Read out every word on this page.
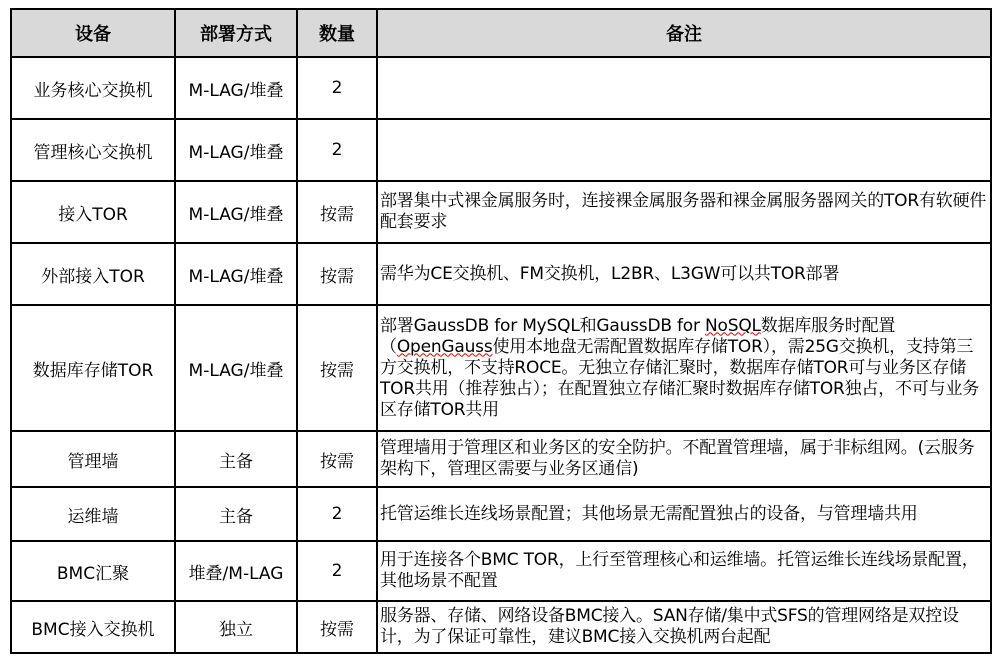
设备	部署方式	数量	备注
业务核心交换机	M-LAG/堆叠	2	
管理核心交换机	M-LAG/堆叠	2	
接入TOR	M-LAG/堆叠	按需	部署集中式裸金属服务时，连接裸金属服务器和裸金属服务器网关的TOR有软硬件配套要求
外部接入TOR	M-LAG/堆叠	按需	需华为CE交换机、FM交换机，L2BR、L3GW可以共TOR部署
数据库存储TOR	M-LAG/堆叠	按需	部署GaussDB for MySQL和GaussDB for NoSQL数据库服务时配置（OpenGauss使用本地盘无需配置数据库存储TOR），需25G交换机，支持第三方交换机，不支持ROCE。无独立存储汇聚时，数据库存储TOR可与业务区存储TOR共用（推荐独占）；在配置独立存储汇聚时数据库存储TOR独占，不可与业务区存储TOR共用
管理墙	主备	按需	管理墙用于管理区和业务区的安全防护。不配置管理墙，属于非标组网。(云服务架构下，管理区需要与业务区通信)
运维墙	主备	2	托管运维长连线场景配置；其他场景无需配置独占的设备，与管理墙共用
BMC汇聚	堆叠/M-LAG	2	用于连接各个BMC TOR，上行至管理核心和运维墙。托管运维长连线场景配置，其他场景不配置
BMC接入交换机	独立	按需	服务器、存储、网络设备BMC接入。SAN存储/集中式SFS的管理网络是双控设计，为了保证可靠性，建议BMC接入交换机两台起配
